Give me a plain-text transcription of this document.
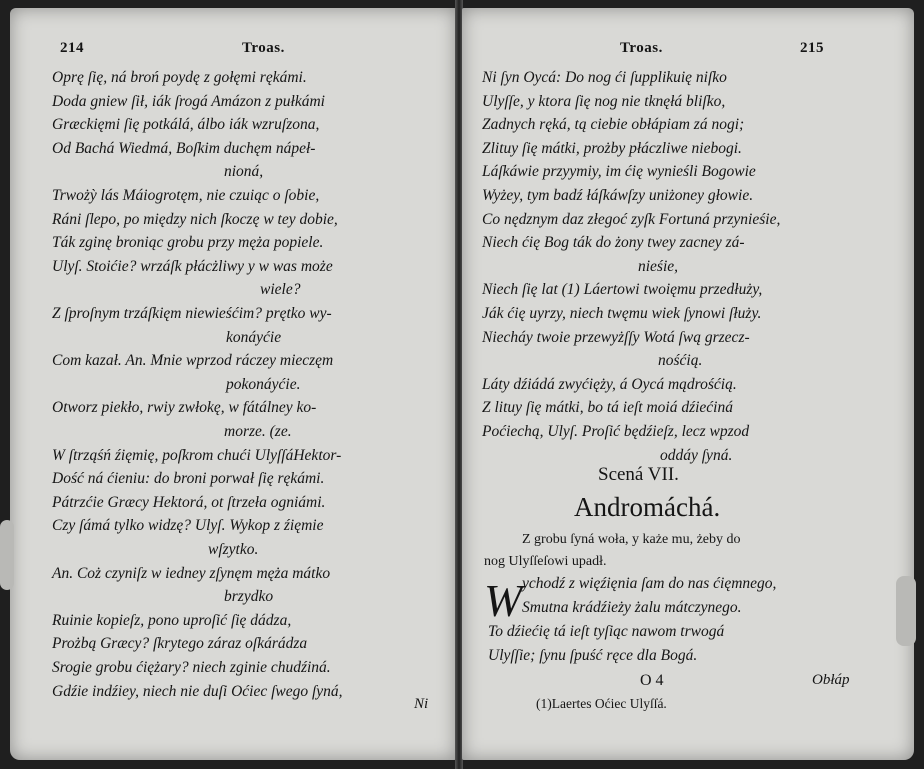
214	Troas.
Oprę ſię, ná broń poydę z gołęmi rękámi.
Doda gniew ſił, iák ſrogá Amázon z pułkámi
Græckięmi ſię potkálá, álbo iák wzruſzona,
Od Bachá Wiedmá, Boſkim duchęm nápeł-
nioná,
Trwożỳ lás Máiogrotęm, nie czuiąc o ſobie,
Ráni ſlepo, po między nich ſkoczę w tey dobie,
Ták zginę broniąc grobu przy męża popiele.
Ulyſ. Stoićie? wrzáſk płácżliwy y w was może
wiele?
Z ſproſnym trzáſkięm niewieśćim? prętko wy-
konáyćie
Com kazał. An. Mnie wprzod ráczey mieczęm
pokonáyćie.
Otworz piekło, rwiy zwłokę, w fátálney ko-
morze. (ze.
W ſtrząśń źięmię, poſkrom chući UlyſſáHektor-
Dość ná ćieniu: do broni porwał ſię rękámi.
Pátrzćie Græcy Hektorá, ot ſtrzeła ogniámi.
Czy ſámá tylko widzę? Ulyſ. Wykop z źięmie
wſzytko.
An. Coż czyniſz w iedney zſynęm męża mátko
brzydko
Ruinie kopieſz, pono uproſić ſię dádza,
Prożbą Græcy? ſkrytego záraz oſkárádza
Srogie grobu ćiężary? niech zginie chudźiná.
Gdźie indźiey, niech nie duſi Oćiec ſwego ſyná,
Ni
Troas.	215
Ni ſyn Oycá: Do nog ći ſupplikuię niſko
Ulyſſe, y ktora ſię nog nie tknęłá bliſko,
Zadnych ręká, tą ciebie obłápiam zá nogi;
Zlituy ſię mátki, prożby płáczliwe niebogi.
Láſkáwie przyymiy, im ćię wynieśli Bogowie
Wyżey, tym badź łáſkáwſzy uniżoney głowie.
Co nędznym daz złegoć zyſk Fortuná przynieśie,
Niech ćię Bog ták do żony twey zacney zá-
nieśie,
Niech ſię lat (1) Láertowi twoięmu przedłuży,
Ják ćię uyrzy, niech twęmu wiek ſynowi ſłuży.
Niecháy twoie przewyżſſy Wotá ſwą grzecz-
nośćią.
Láty dźiádá zwyćięży, á Oycá mądrośćią.
Z lituy ſię mátki, bo tá ieſt moiá dźiećiná
Poćiechą, Ulyſ. Proſić będźieſz, lecz wpzod
oddáy ſyná.
Scená VII.
Andromáchá.
Z grobu ſyná woła, y każe mu, żeby do
nog Ulyſſeſowi upadł.
W ychodź z więźięnia ſam do nas ćięmnego,
Smutna krádźieży żalu mátczynego.
To dźiećię tá ieſt tyſiąc nawom trwogá
Ulyſſie; ſynu ſpuść ręce dla Bogá.
O 4	Obłáp
(1)Laertes Oćiec Ulyſſá.
